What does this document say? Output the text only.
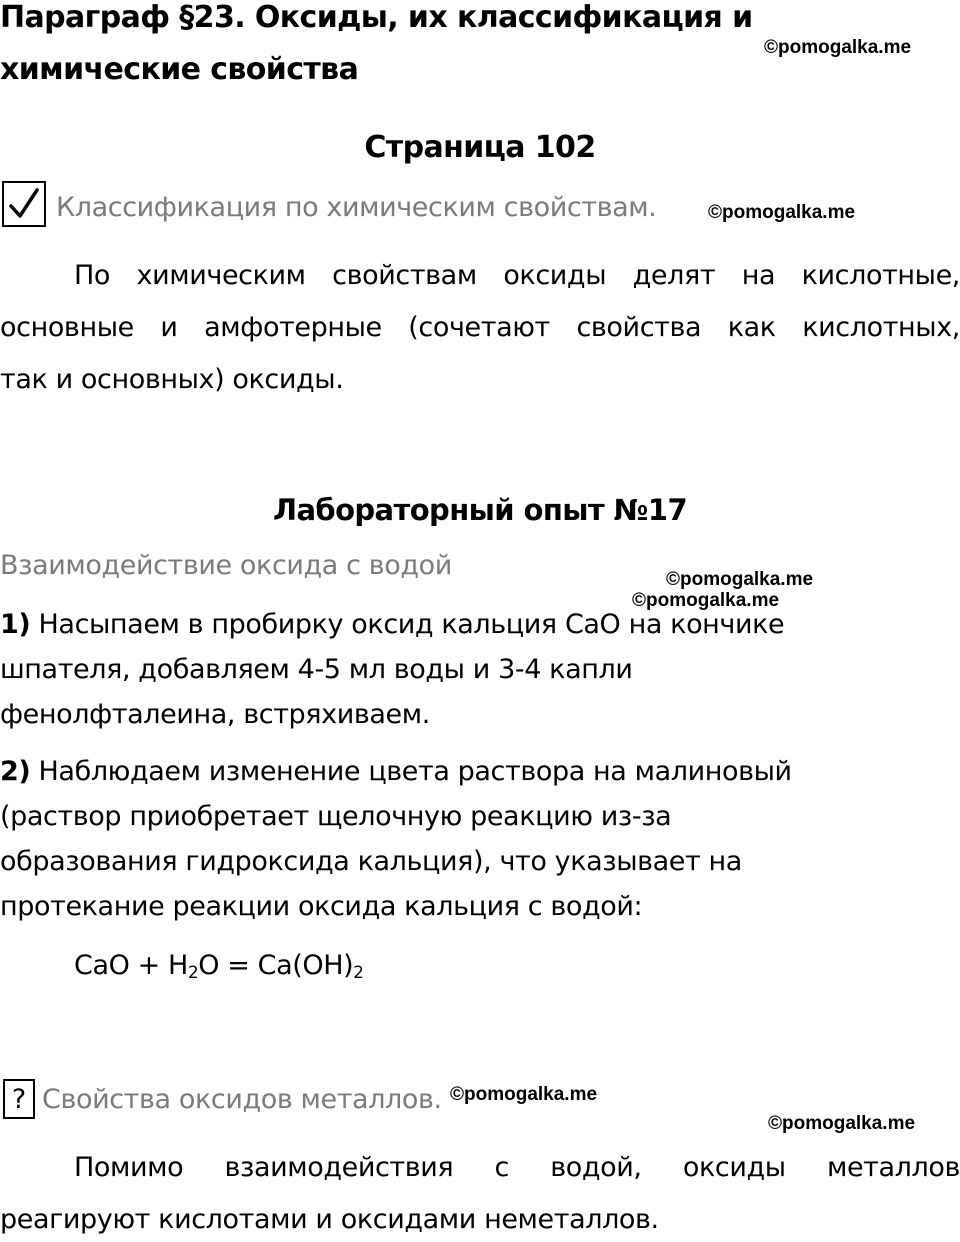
Параграф §23. Оксиды, их классификация и
химические свойства
©pomogalka.me
Страница 102
Классификация по химическим свойствам.	©pomogalka.me
По химическим свойствам оксиды делят на кислотные,
основные и амфотерные (сочетают свойства как кислотных,
так и основных) оксиды.
Лабораторный опыт №17
Взаимодействие оксида с водой	©pomogalka.me
©pomogalka.me
1) Насыпаем в пробирку оксид кальция CaO на кончике
шпателя, добавляем 4-5 мл воды и 3-4 капли
фенолфталеина, встряхиваем.
2) Наблюдаем изменение цвета раствора на малиновый
(раствор приобретает щелочную реакцию из-за
образования гидроксида кальция), что указывает на
протекание реакции оксида кальция с водой:
CaO + $H_2O = Ca(OH)_2$
? Свойства оксидов металлов. ©pomogalka.me
©pomogalka.me
Помимо взаимодействия с водой, оксиды металлов
реагируют кислотами и оксидами неметаллов.
